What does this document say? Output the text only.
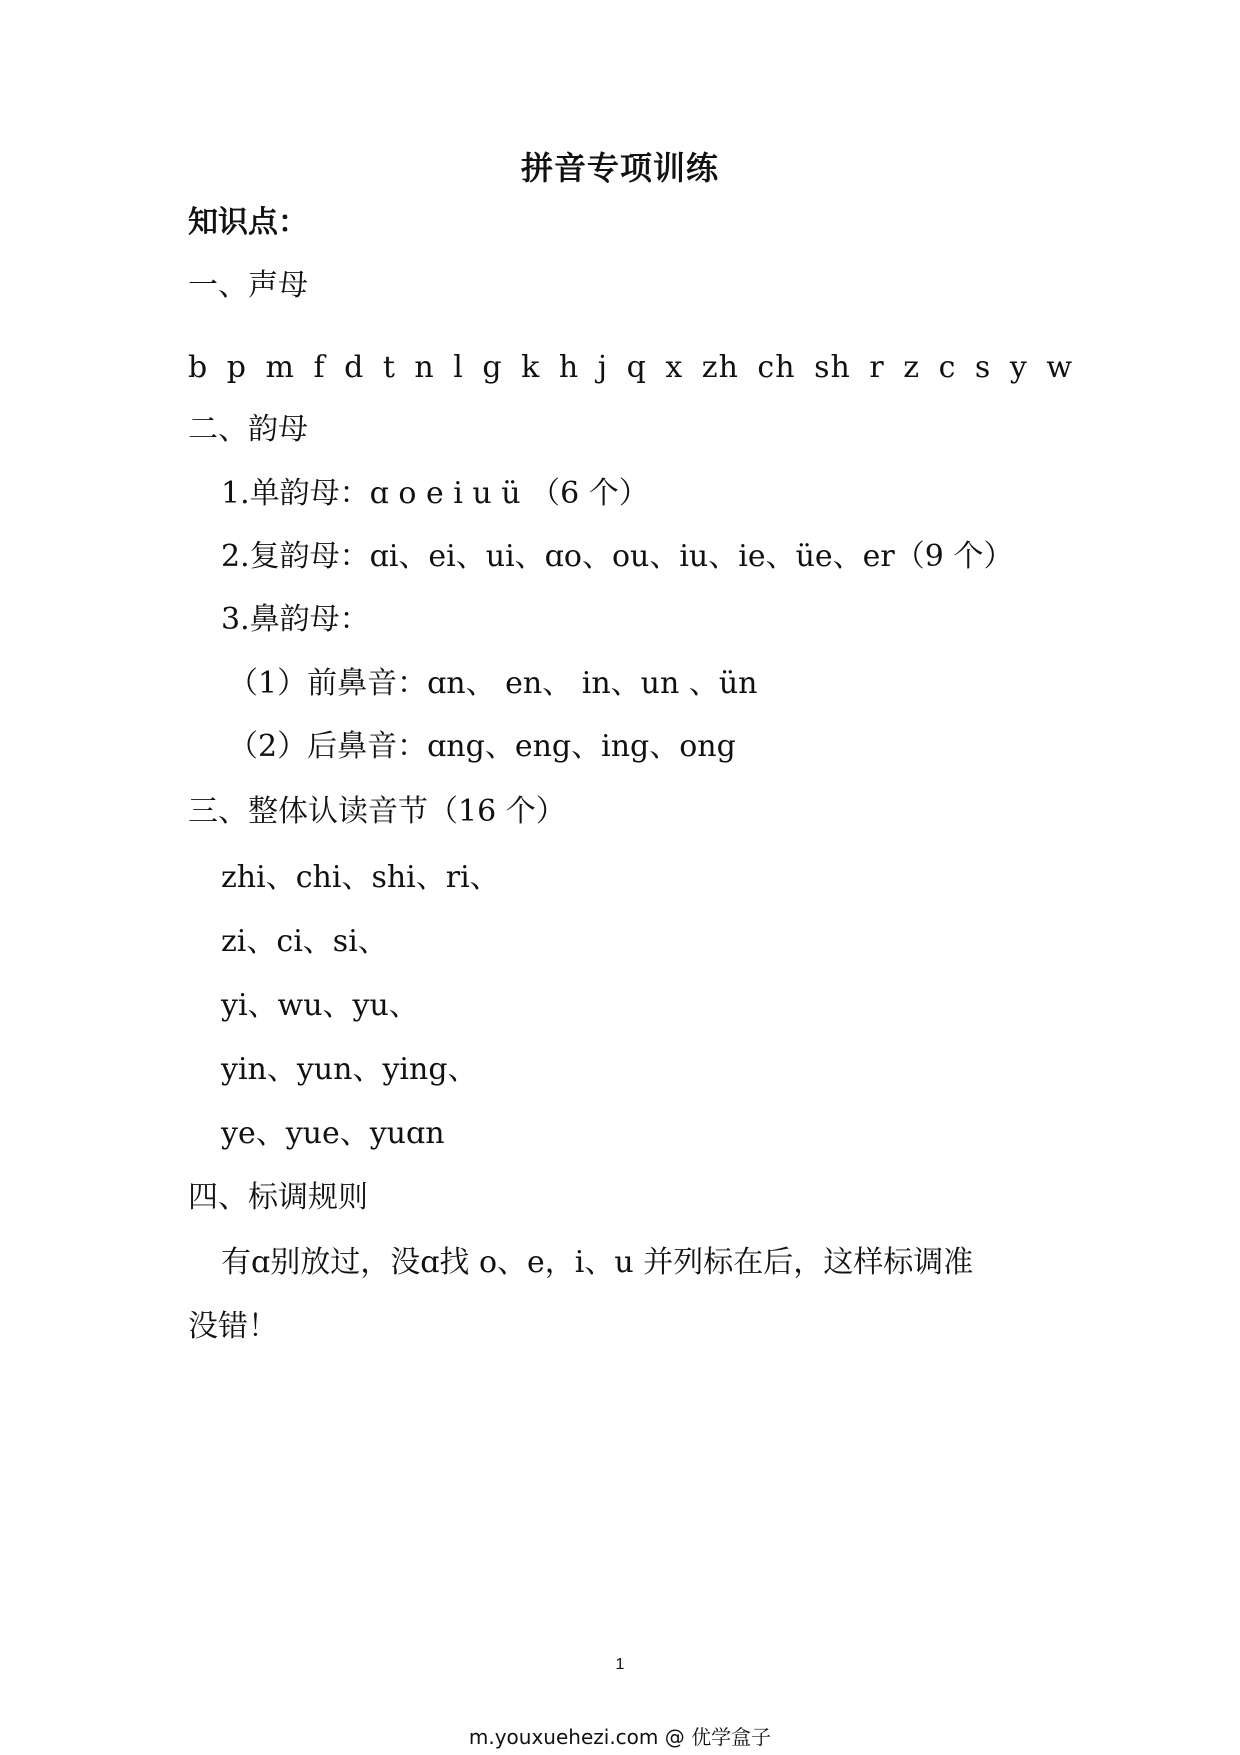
拼音专项训练
知识点：
一、声母
b p m f d t n l g k h j q x zh ch sh r z c s y w
二、韵母
1.单韵母：ɑ o e i u ü （6 个）
2.复韵母：ɑi、ei、ui、ɑo、ou、iu、ie、üe、er（9 个）
3.鼻韵母：
（1）前鼻音：ɑn、 en、 in、un 、ün
（2）后鼻音：ɑng、eng、ing、ong
三、整体认读音节（16 个）
zhi、chi、shi、ri、
zi、ci、si、
yi、wu、yu、
yin、yun、ying、
ye、yue、yuɑn
四、标调规则
有ɑ别放过，没ɑ找 o、e，i、u 并列标在后，这样标调准
没错！
1
m.youxuehezi.com @ 优学盒子
